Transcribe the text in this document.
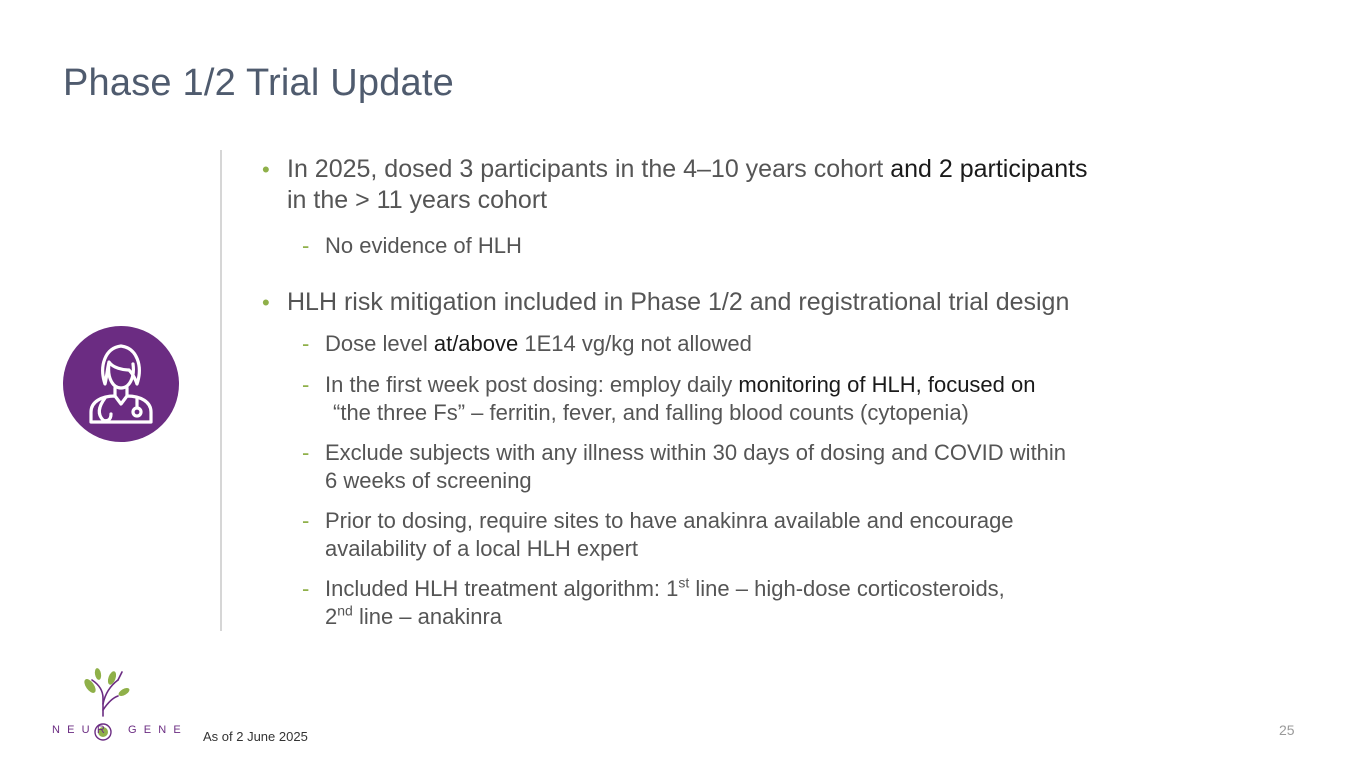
Phase 1/2 Trial Update
• In 2025, dosed 3 participants in the 4–10 years cohort and 2 participants
in the > 11 years cohort
- No evidence of HLH
• HLH risk mitigation included in Phase 1/2 and registrational trial design
- Dose level at/above 1E14 vg/kg not allowed
- In the first week post dosing: employ daily monitoring of HLH, focused on
“the three Fs” – ferritin, fever, and falling blood counts (cytopenia)
- Exclude subjects with any illness within 30 days of dosing and COVID within
6 weeks of screening
- Prior to dosing, require sites to have anakinra available and encourage
availability of a local HLH expert
- Included HLH treatment algorithm: 1st line – high-dose corticosteroids,
2nd line – anakinra
NEUR GENE As of 2 June 2025	25
